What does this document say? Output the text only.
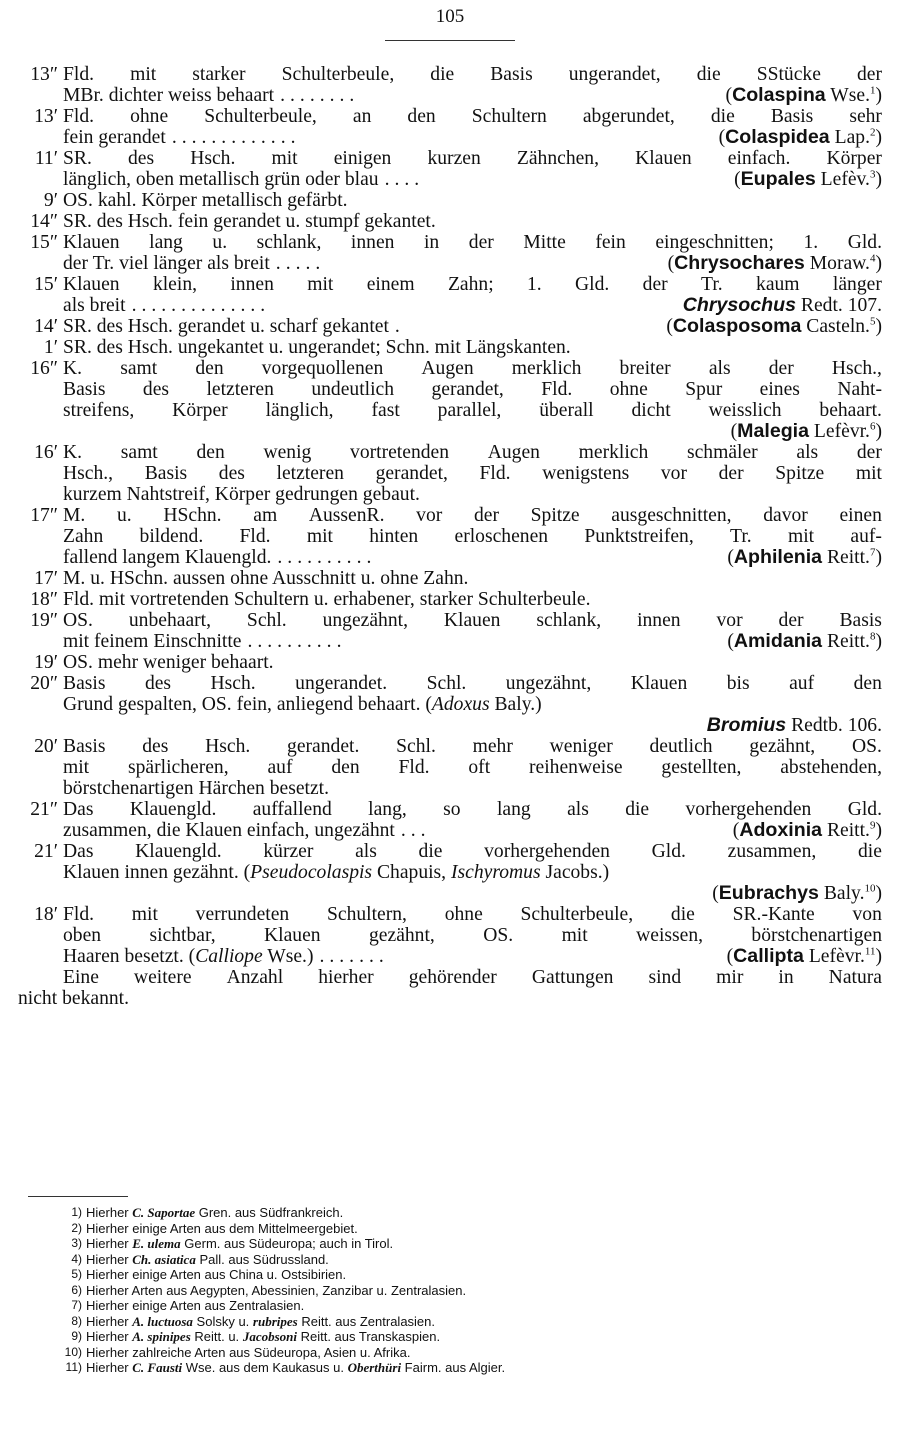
105
13″ Fld. mit starker Schulterbeule, die Basis ungerandet, die SStücke der
MBr. dichter weiss behaart ........	(Colaspina Wse.$^1$)
13′ Fld. ohne Schulterbeule, an den Schultern abgerundet, die Basis sehr
fein gerandet .............	(Colaspidea Lap.$^2$)
11′ SR. des Hsch. mit einigen kurzen Zähnchen, Klauen einfach. Körper
länglich, oben metallisch grün oder blau ....	(Eupales Lefèv.$^3$)
9′ OS. kahl. Körper metallisch gefärbt.
14″ SR. des Hsch. fein gerandet u. stumpf gekantet.
15″ Klauen lang u. schlank, innen in der Mitte fein eingeschnitten; 1. Gld.
der Tr. viel länger als breit .....	(Chrysochares Moraw.$^4$)
15′ Klauen klein, innen mit einem Zahn; 1. Gld. der Tr. kaum länger
als breit ..............	Chrysochus Redt. 107.
14′ SR. des Hsch. gerandet u. scharf gekantet .	(Colasposoma Casteln.$^5$)
1′ SR. des Hsch. ungekantet u. ungerandet; Schn. mit Längskanten.
16″ K. samt den vorgequollenen Augen merklich breiter als der Hsch.,
Basis des letzteren undeutlich gerandet, Fld. ohne Spur eines Naht-
streifens, Körper länglich, fast parallel, überall dicht weisslich behaart.
(Malegia Lefèvr.$^6$)
16′ K. samt den wenig vortretenden Augen merklich schmäler als der
Hsch., Basis des letzteren gerandet, Fld. wenigstens vor der Spitze mit
kurzem Nahtstreif, Körper gedrungen gebaut.
17″ M. u. HSchn. am AussenR. vor der Spitze ausgeschnitten, davor einen
Zahn bildend. Fld. mit hinten erloschenen Punktstreifen, Tr. mit auf-
fallend langem Klauengld. ..........	(Aphilenia Reitt.$^7$)
17′ M. u. HSchn. aussen ohne Ausschnitt u. ohne Zahn.
18″ Fld. mit vortretenden Schultern u. erhabener, starker Schulterbeule.
19″ OS. unbehaart, Schl. ungezähnt, Klauen schlank, innen vor der Basis
mit feinem Einschnitte ..........	(Amidania Reitt.$^8$)
19′ OS. mehr weniger behaart.
20″ Basis des Hsch. ungerandet. Schl. ungezähnt, Klauen bis auf den
Grund gespalten, OS. fein, anliegend behaart. (Adoxus Baly.)
Bromius Redtb. 106.
20′ Basis des Hsch. gerandet. Schl. mehr weniger deutlich gezähnt, OS.
mit spärlicheren, auf den Fld. oft reihenweise gestellten, abstehenden,
börstchenartigen Härchen besetzt.
21″ Das Klauengld. auffallend lang, so lang als die vorhergehenden Gld.
zusammen, die Klauen einfach, ungezähnt ...	(Adoxinia Reitt.$^9$)
21′ Das Klauengld. kürzer als die vorhergehenden Gld. zusammen, die
Klauen innen gezähnt. (Pseudocolaspis Chapuis, Ischyromus Jacobs.)
(Eubrachys Baly.$^{10}$)
18′ Fld. mit verrundeten Schultern, ohne Schulterbeule, die SR.-Kante von
oben sichtbar, Klauen gezähnt, OS. mit weissen, börstchenartigen
Haaren besetzt. (Calliope Wse.) .......	(Callipta Lefèvr.$^{11}$)
Eine weitere Anzahl hierher gehörender Gattungen sind mir in Natura
nicht bekannt.
1) Hierher C. Saportae Gren. aus Südfrankreich.
2) Hierher einige Arten aus dem Mittelmeergebiet.
3) Hierher E. ulema Germ. aus Südeuropa; auch in Tirol.
4) Hierher Ch. asiatica Pall. aus Südrussland.
5) Hierher einige Arten aus China u. Ostsibirien.
6) Hierher Arten aus Aegypten, Abessinien, Zanzibar u. Zentralasien.
7) Hierher einige Arten aus Zentralasien.
8) Hierher A. luctuosa Solsky u. rubripes Reitt. aus Zentralasien.
9) Hierher A. spinipes Reitt. u. Jacobsoni Reitt. aus Transkaspien.
10) Hierher zahlreiche Arten aus Südeuropa, Asien u. Afrika.
11) Hierher C. Fausti Wse. aus dem Kaukasus u. Oberthüri Fairm. aus Algier.
